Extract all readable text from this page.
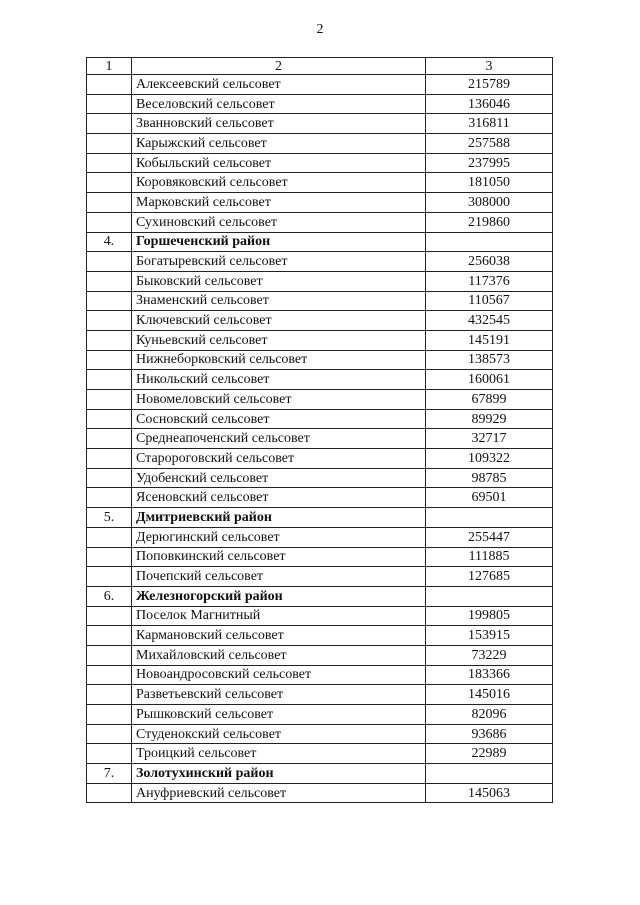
2
1	2	3
	Алексеевский сельсовет	215789
	Веселовский сельсовет	136046
	Званновский сельсовет	316811
	Карыжский сельсовет	257588
	Кобыльский сельсовет	237995
	Коровяковский сельсовет	181050
	Марковский сельсовет	308000
	Сухиновский сельсовет	219860
4.	Горшеченский район	
	Богатыревский сельсовет	256038
	Быковский сельсовет	117376
	Знаменский сельсовет	110567
	Ключевский сельсовет	432545
	Куньевский сельсовет	145191
	Нижнеборковский сельсовет	138573
	Никольский сельсовет	160061
	Новомеловский сельсовет	67899
	Сосновский сельсовет	89929
	Среднеапоченский сельсовет	32717
	Старороговский сельсовет	109322
	Удобенский сельсовет	98785
	Ясеновский сельсовет	69501
5.	Дмитриевский район	
	Дерюгинский сельсовет	255447
	Поповкинский сельсовет	111885
	Почепский сельсовет	127685
6.	Железногорский район	
	Поселок Магнитный	199805
	Кармановский сельсовет	153915
	Михайловский сельсовет	73229
	Новоандросовский сельсовет	183366
	Разветьевский сельсовет	145016
	Рышковский сельсовет	82096
	Студенокский сельсовет	93686
	Троицкий сельсовет	22989
7.	Золотухинский район	
	Ануфриевский сельсовет	145063
